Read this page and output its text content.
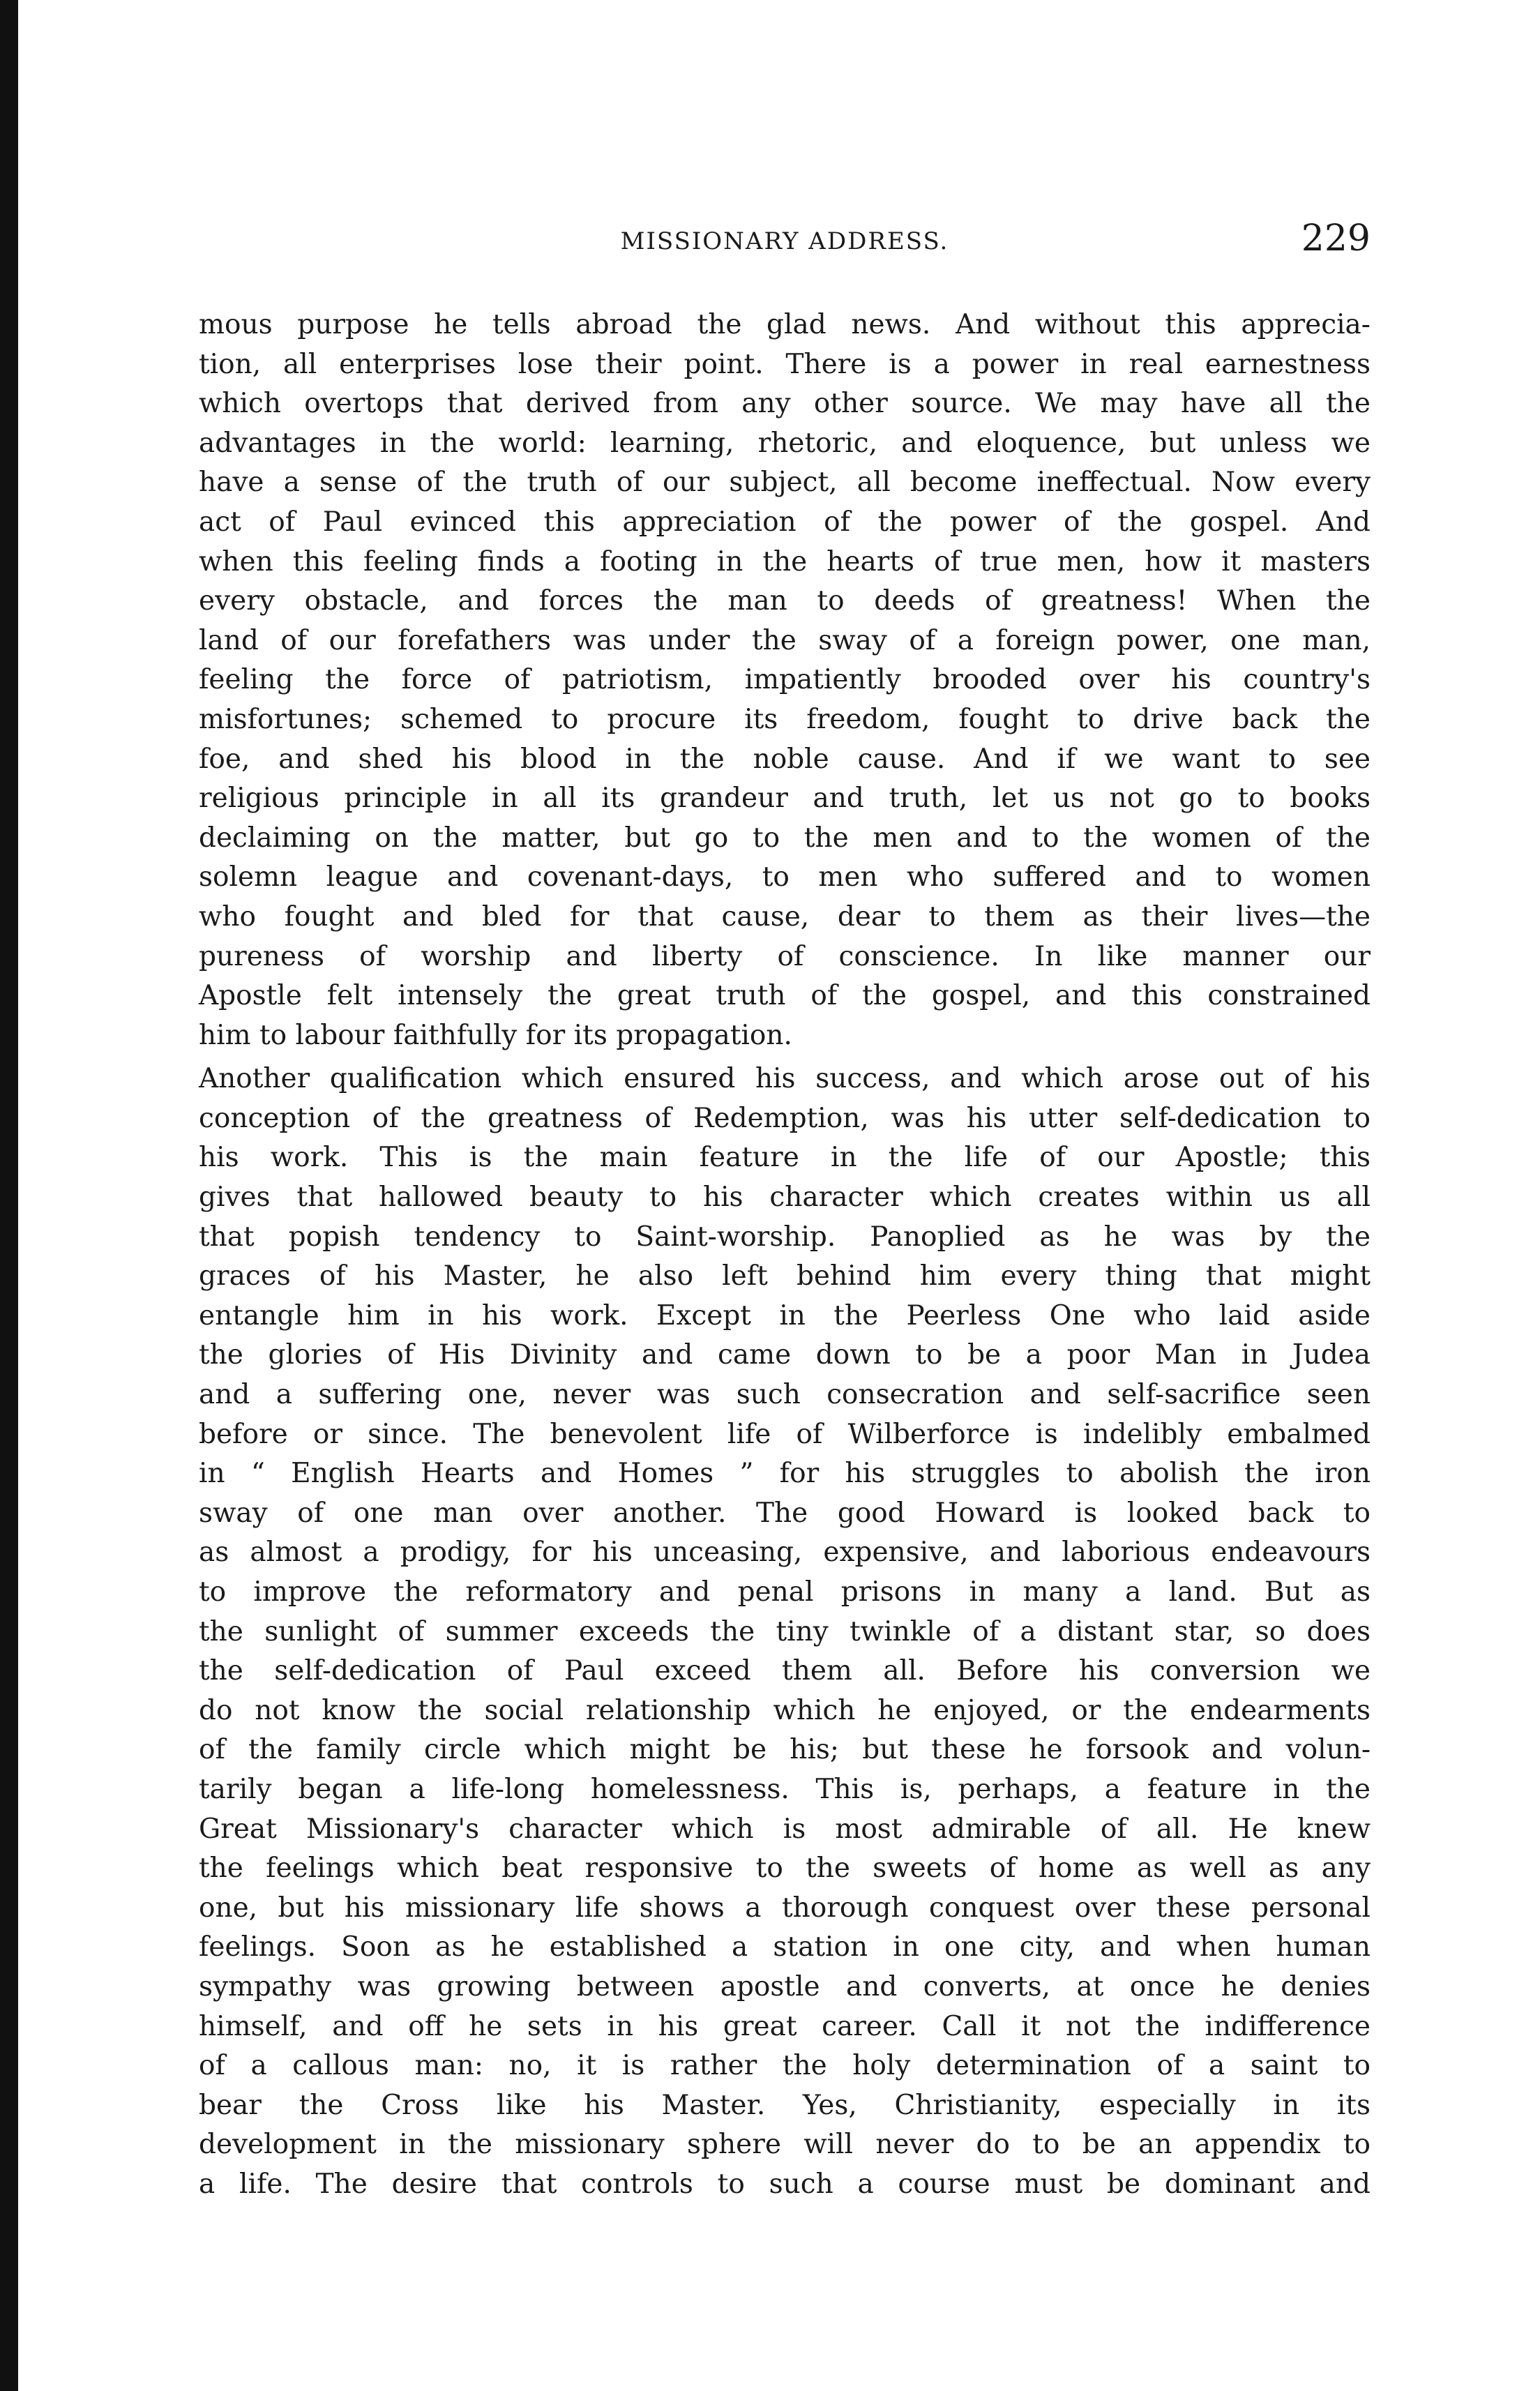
MISSIONARY ADDRESS.	229
mous purpose he tells abroad the glad news. And without this apprecia-
tion, all enterprises lose their point. There is a power in real earnestness
which overtops that derived from any other source. We may have all the
advantages in the world: learning, rhetoric, and eloquence, but unless we
have a sense of the truth of our subject, all become ineffectual. Now every
act of Paul evinced this appreciation of the power of the gospel. And
when this feeling finds a footing in the hearts of true men, how it masters
every obstacle, and forces the man to deeds of greatness! When the
land of our forefathers was under the sway of a foreign power, one man,
feeling the force of patriotism, impatiently brooded over his country's
misfortunes; schemed to procure its freedom, fought to drive back the
foe, and shed his blood in the noble cause. And if we want to see
religious principle in all its grandeur and truth, let us not go to books
declaiming on the matter, but go to the men and to the women of the
solemn league and covenant-days, to men who suffered and to women
who fought and bled for that cause, dear to them as their lives—the
pureness of worship and liberty of conscience. In like manner our
Apostle felt intensely the great truth of the gospel, and this constrained
him to labour faithfully for its propagation.
Another qualification which ensured his success, and which arose out of his
conception of the greatness of Redemption, was his utter self-dedication to
his work. This is the main feature in the life of our Apostle; this
gives that hallowed beauty to his character which creates within us all
that popish tendency to Saint-worship. Panoplied as he was by the
graces of his Master, he also left behind him every thing that might
entangle him in his work. Except in the Peerless One who laid aside
the glories of His Divinity and came down to be a poor Man in Judea
and a suffering one, never was such consecration and self-sacrifice seen
before or since. The benevolent life of Wilberforce is indelibly embalmed
in “ English Hearts and Homes ” for his struggles to abolish the iron
sway of one man over another. The good Howard is looked back to
as almost a prodigy, for his unceasing, expensive, and laborious endeavours
to improve the reformatory and penal prisons in many a land. But as
the sunlight of summer exceeds the tiny twinkle of a distant star, so does
the self-dedication of Paul exceed them all. Before his conversion we
do not know the social relationship which he enjoyed, or the endearments
of the family circle which might be his; but these he forsook and volun-
tarily began a life-long homelessness. This is, perhaps, a feature in the
Great Missionary's character which is most admirable of all. He knew
the feelings which beat responsive to the sweets of home as well as any
one, but his missionary life shows a thorough conquest over these personal
feelings. Soon as he established a station in one city, and when human
sympathy was growing between apostle and converts, at once he denies
himself, and off he sets in his great career. Call it not the indifference
of a callous man: no, it is rather the holy determination of a saint to
bear the Cross like his Master. Yes, Christianity, especially in its
development in the missionary sphere will never do to be an appendix to
a life. The desire that controls to such a course must be dominant and
